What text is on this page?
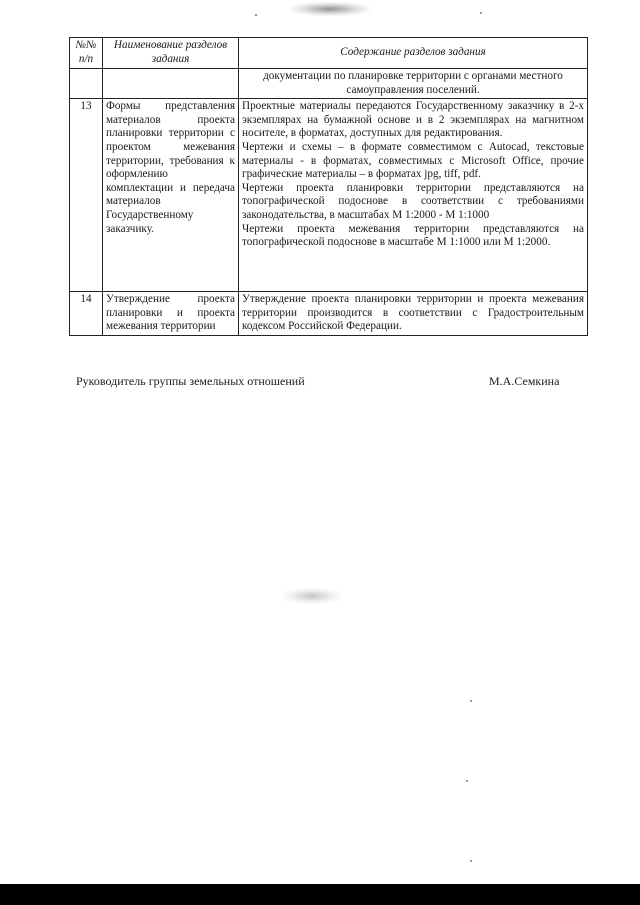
№№ п/п	Наименование разделов задания	Содержание разделов задания
		документации по планировке территории с органами местного самоуправления поселений.
13	Формы представления материалов проекта планировки территории с проектом межевания территории, требования к оформлению комплектации и передача материалов Государственному заказчику.	Проектные материалы передаются Государственному заказчику в 2-х экземплярах на бумажной основе и в 2 экземплярах на магнитном носителе, в форматах, доступных для редактирования.
Чертежи и схемы – в формате совместимом с Autocad, текстовые материалы - в форматах, совместимых с Microsoft Office, прочие графические материалы – в форматах jpg, tiff, pdf.
Чертежи проекта планировки территории представляются на топографической подоснове в соответствии с требованиями законодательства, в масштабах М 1:2000 - М 1:1000
Чертежи проекта межевания территории представляются на топографической подоснове в масштабе М 1:1000 или М 1:2000.

14	Утверждение проекта планировки и проекта межевания территории	Утверждение проекта планировки территории и проекта межевания территории производится в соответствии с Градостроительным кодексом Российской Федерации.
Руководитель группы земельных отношений	М.А.Семкина
